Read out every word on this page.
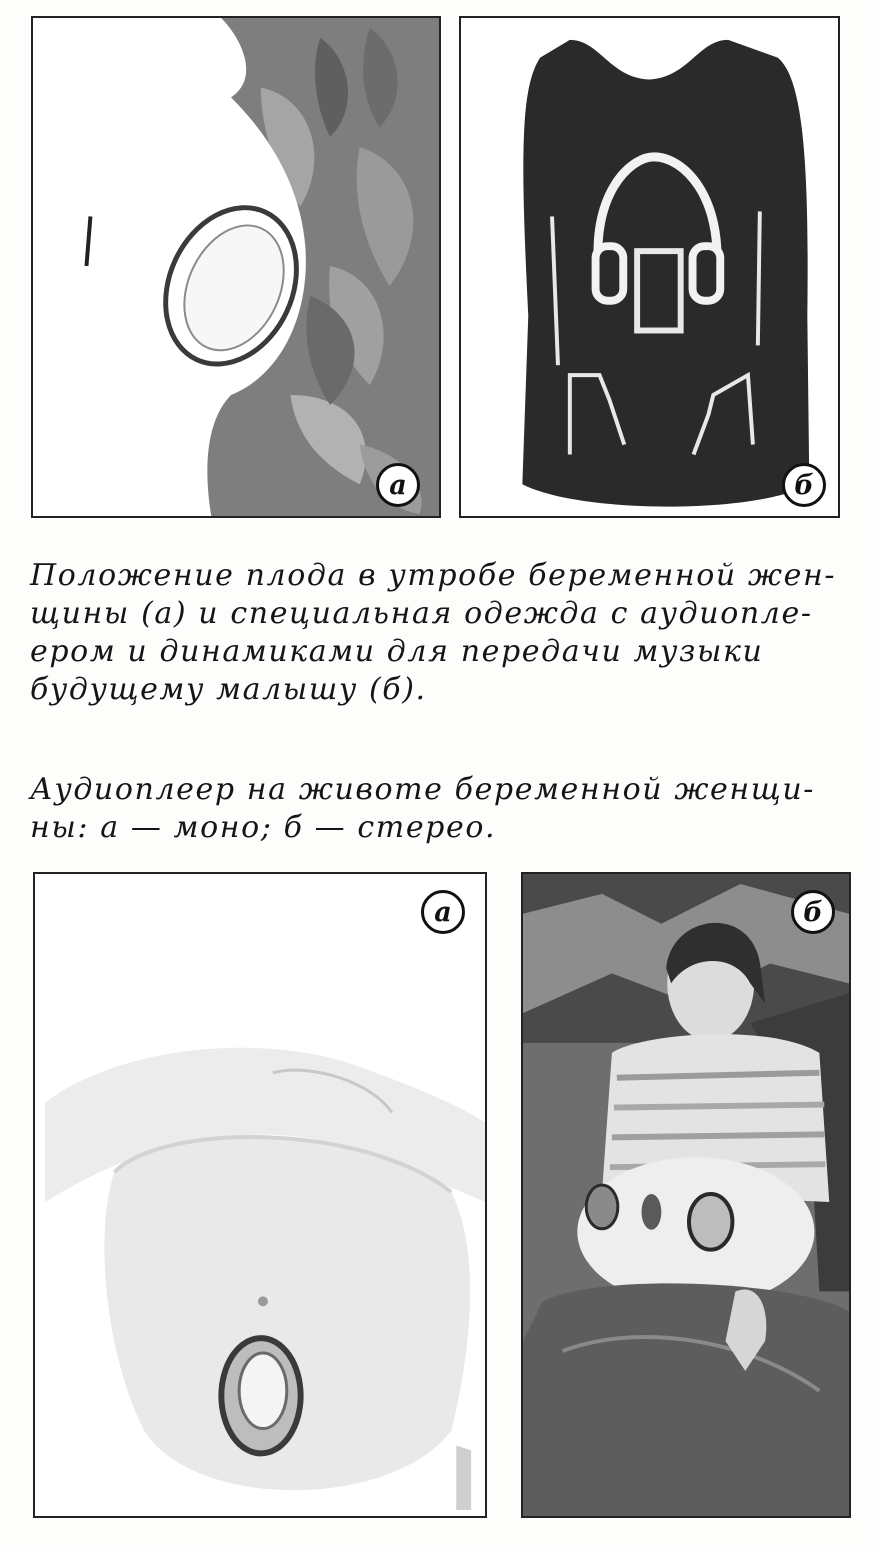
а	б
Положение плода в утробе беременной жен-
щины (а) и специальная одежда с аудиопле-
ером и динамиками для передачи музыки
будущему малышу (б).
Аудиоплеер на животе беременной женщи-
ны: а — моно; б — стерео.
а	б
